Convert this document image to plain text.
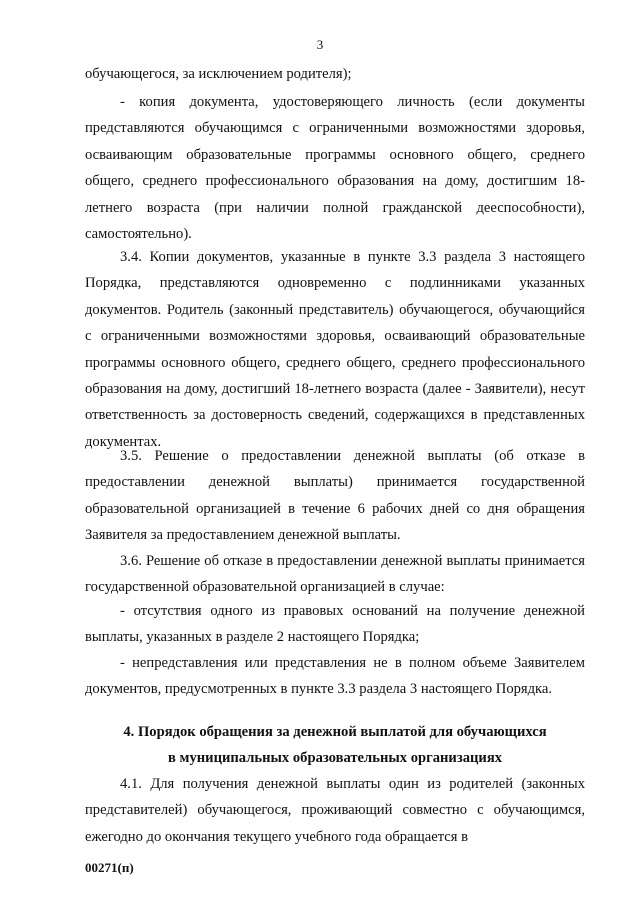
3
обучающегося, за исключением родителя);
- копия документа, удостоверяющего личность (если документы представляются обучающимся с ограниченными возможностями здоровья, осваивающим образовательные программы основного общего, среднего общего, среднего профессионального образования на дому, достигшим 18-летнего возраста (при наличии полной гражданской дееспособности), самостоятельно).
3.4. Копии документов, указанные в пункте 3.3 раздела 3 настоящего Порядка, представляются одновременно с подлинниками указанных документов. Родитель (законный представитель) обучающегося, обучающийся с ограниченными возможностями здоровья, осваивающий образовательные программы основного общего, среднего общего, среднего профессионального образования на дому, достигший 18-летнего возраста (далее - Заявители), несут ответственность за достоверность сведений, содержащихся в представленных документах.
3.5. Решение о предоставлении денежной выплаты (об отказе в предоставлении денежной выплаты) принимается государственной образовательной организацией в течение 6 рабочих дней со дня обращения Заявителя за предоставлением денежной выплаты.
3.6. Решение об отказе в предоставлении денежной выплаты принимается государственной образовательной организацией в случае:
- отсутствия одного из правовых оснований на получение денежной выплаты, указанных в разделе 2 настоящего Порядка;
- непредставления или представления не в полном объеме Заявителем документов, предусмотренных в пункте 3.3 раздела 3 настоящего Порядка.
4. Порядок обращения за денежной выплатой для обучающихся
в муниципальных образовательных организациях
4.1. Для получения денежной выплаты один из родителей (законных представителей) обучающегося, проживающий совместно с обучающимся, ежегодно до окончания текущего учебного года обращается в
00271(п)
